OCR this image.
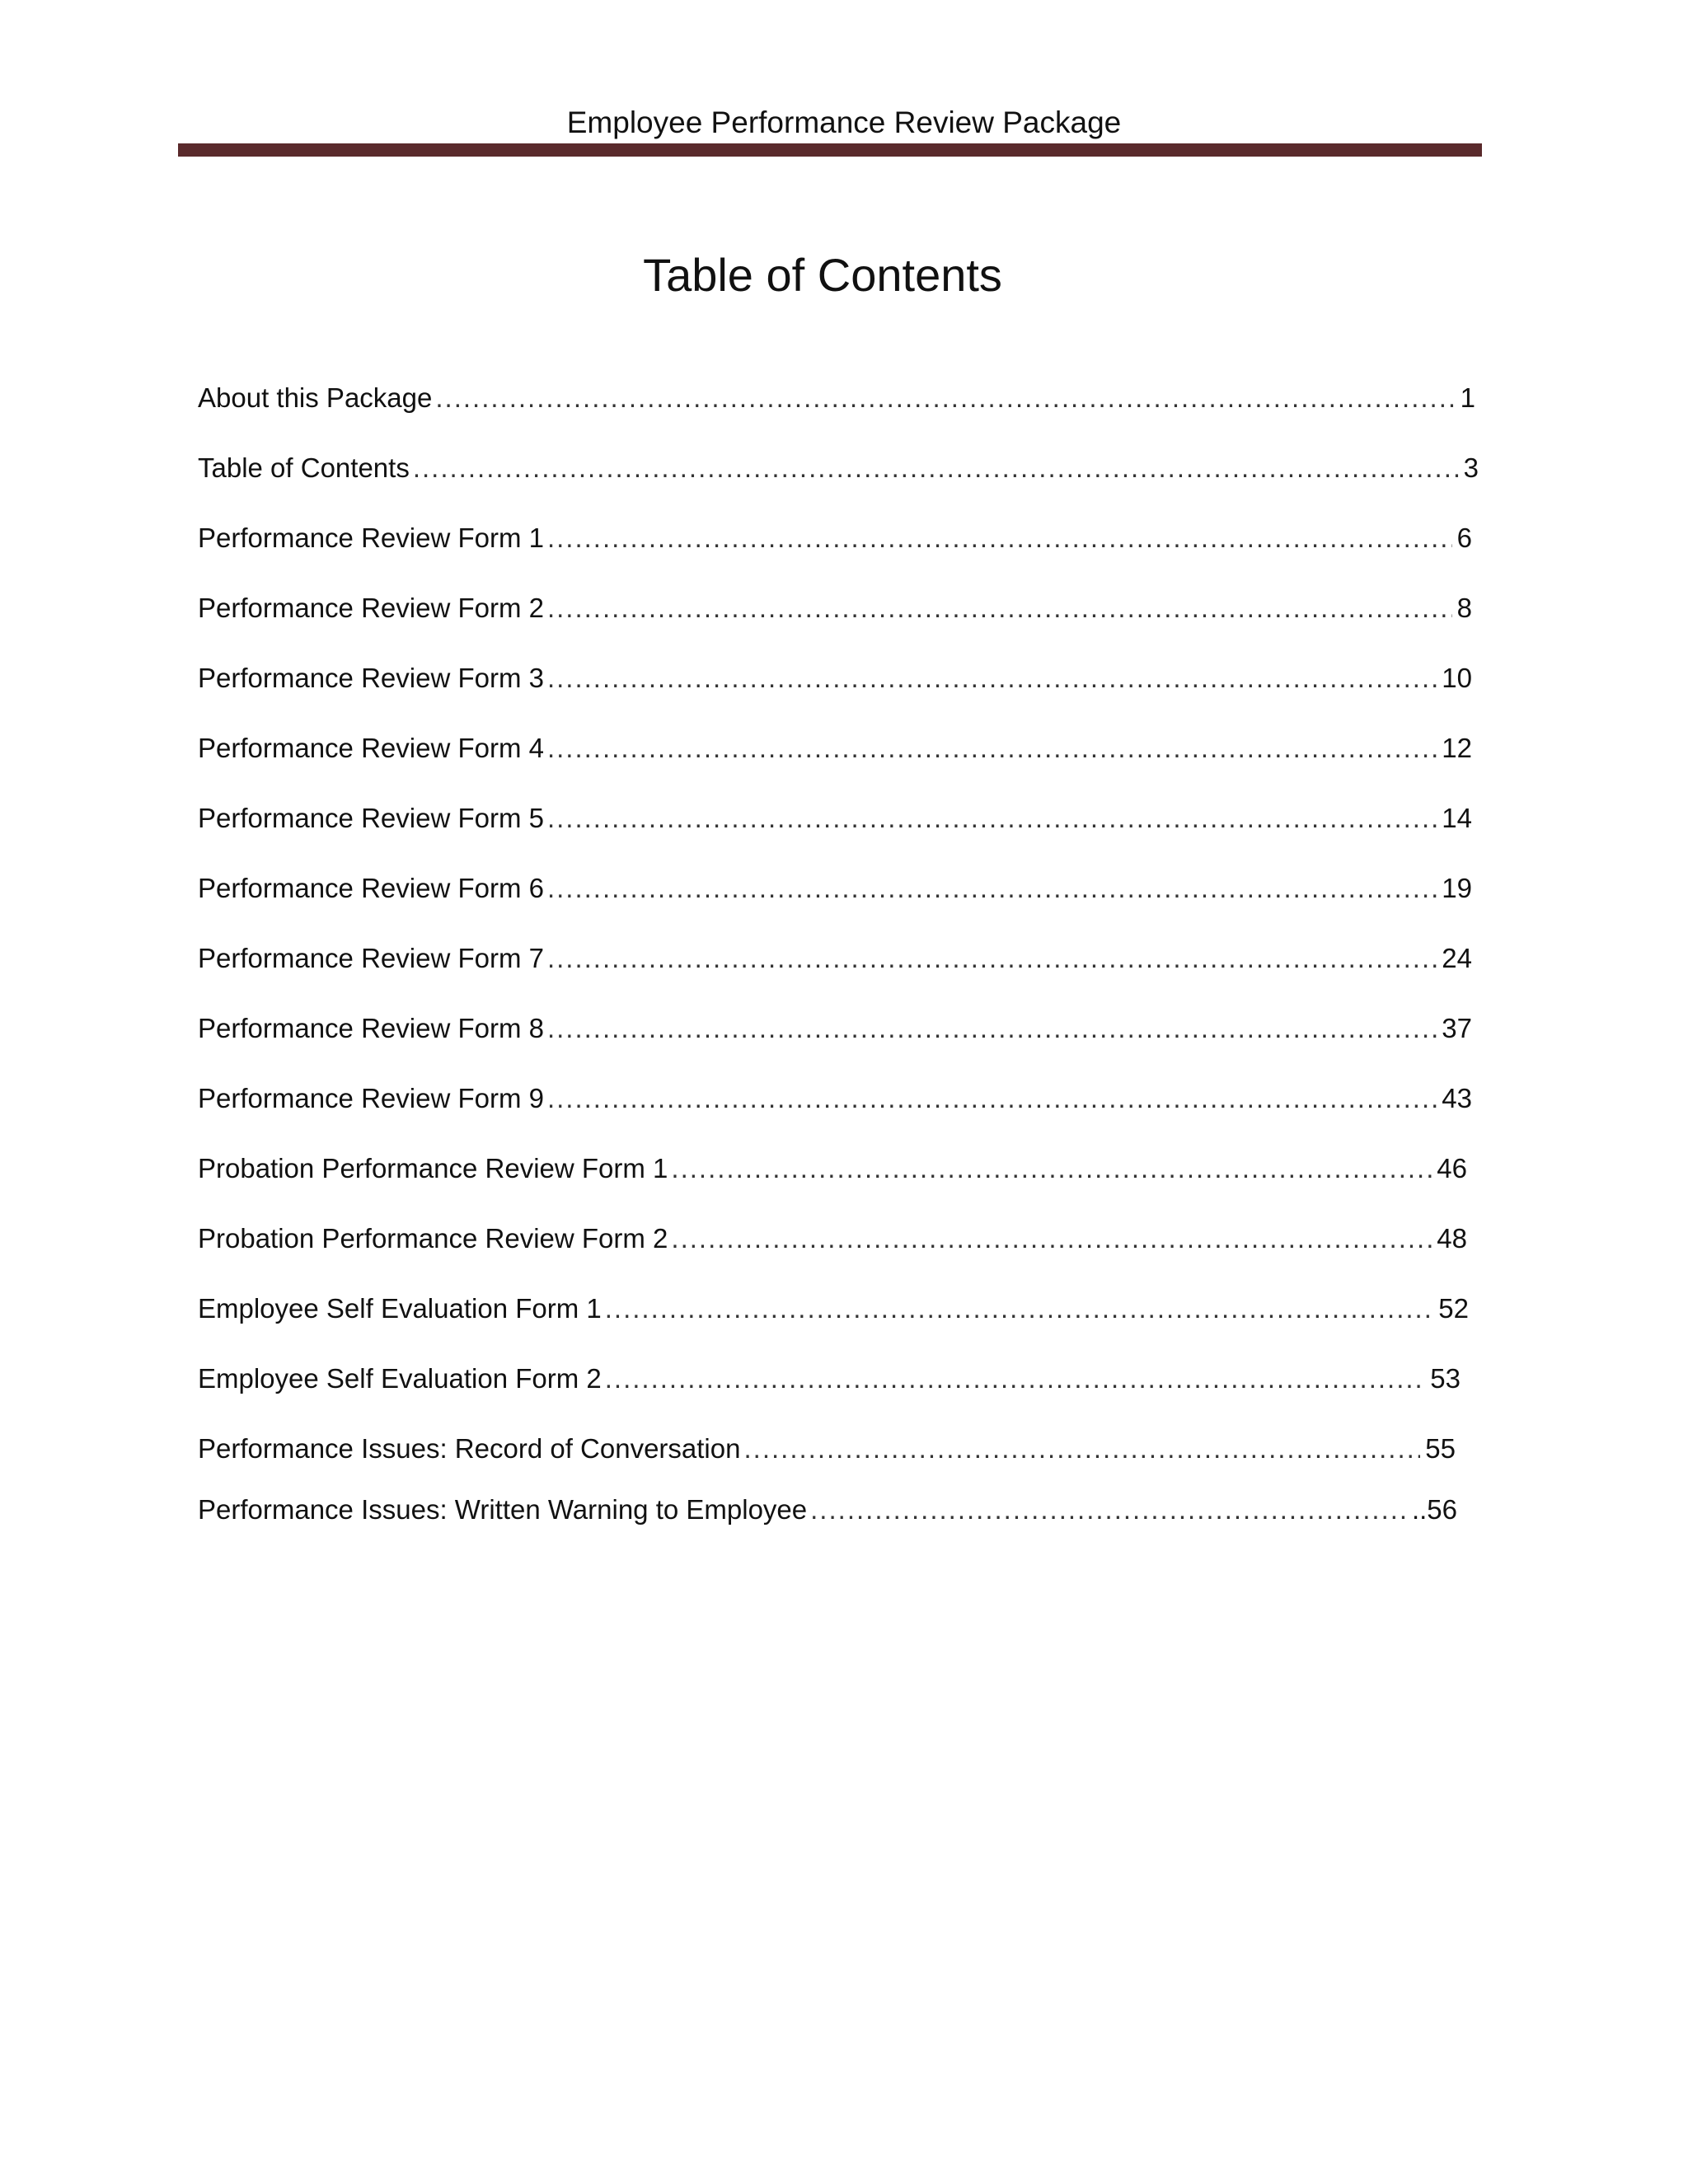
Employee Performance Review Package
Table of Contents
About this Package .....	1
Table of Contents .....	3
Performance Review Form 1 .....	6
Performance Review Form 2 .....	8
Performance Review Form 3 .....	10
Performance Review Form 4 .....	12
Performance Review Form 5 .....	14
Performance Review Form 6 .....	19
Performance Review Form 7 .....	24
Performance Review Form 8 .....	37
Performance Review Form 9 .....	43
Probation Performance Review Form 1 .....	46
Probation Performance Review Form 2 .....	48
Employee Self Evaluation Form 1 .....	52
Employee Self Evaluation Form 2 .....	53
Performance Issues: Record of Conversation .....	55
Performance Issues: Written Warning to Employee .....	..56
